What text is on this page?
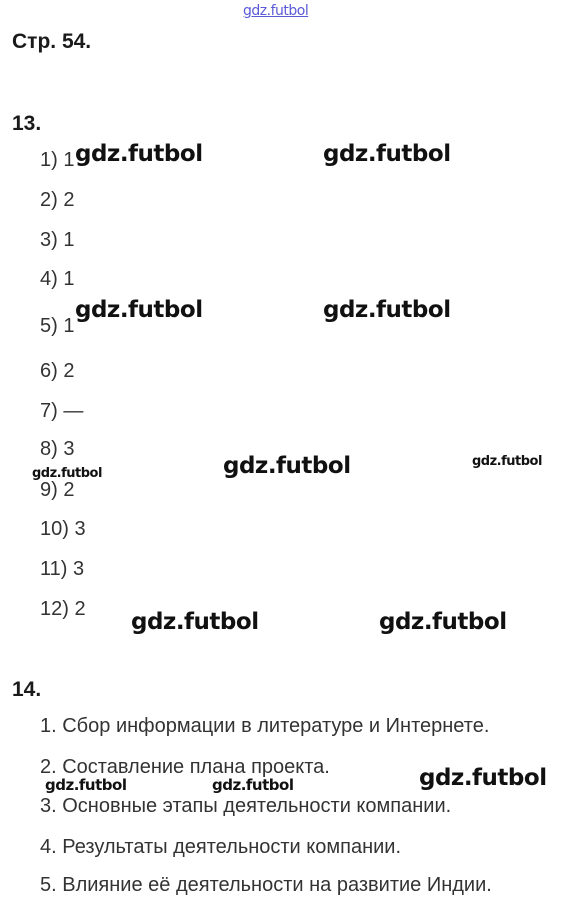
Стр. 54.
13.
1) 1
2) 2
3) 1
4) 1
5) 1
6) 2
7) —
8) 3
9) 2
10) 3
11) 3
12) 2
14.
1. Сбор информации в литературе и Интернете.
2. Составление плана проекта.
3. Основные этапы деятельности компании.
4. Результаты деятельности компании.
5. Влияние её деятельности на развитие Индии.
gdz.futbol
gdz.futbol	gdz.futbol
gdz.futbol	gdz.futbol
gdz.futbol
gdz.futbol
gdz.futbol
gdz.futbol	gdz.futbol
gdz.futbol
gdz.futbol	gdz.futbol
